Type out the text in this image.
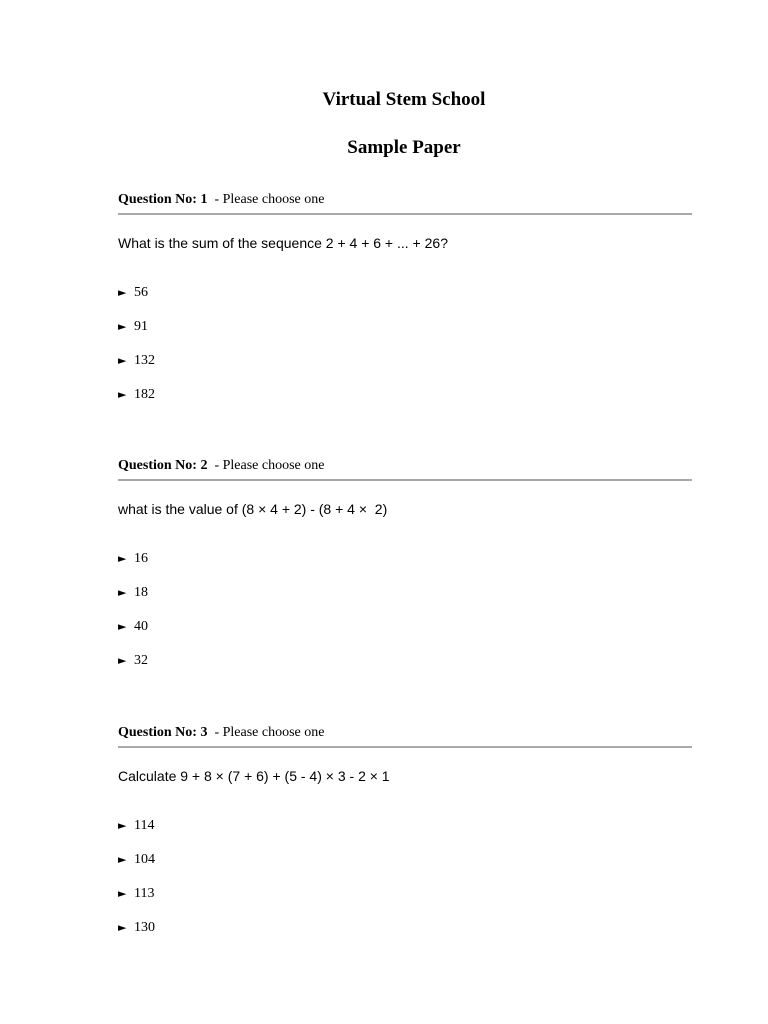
Virtual Stem School
Sample Paper
Question No: 1 - Please choose one
What is the sum of the sequence 2 + 4 + 6 + ... + 26?
► 56
► 91
► 132
► 182
Question No: 2 - Please choose one
what is the value of (8 × 4 + 2) - (8 + 4 ×  2)
► 16
► 18
► 40
► 32
Question No: 3 - Please choose one
Calculate 9 + 8 × (7 + 6) + (5 - 4) × 3 - 2 × 1
► 114
► 104
► 113
► 130
